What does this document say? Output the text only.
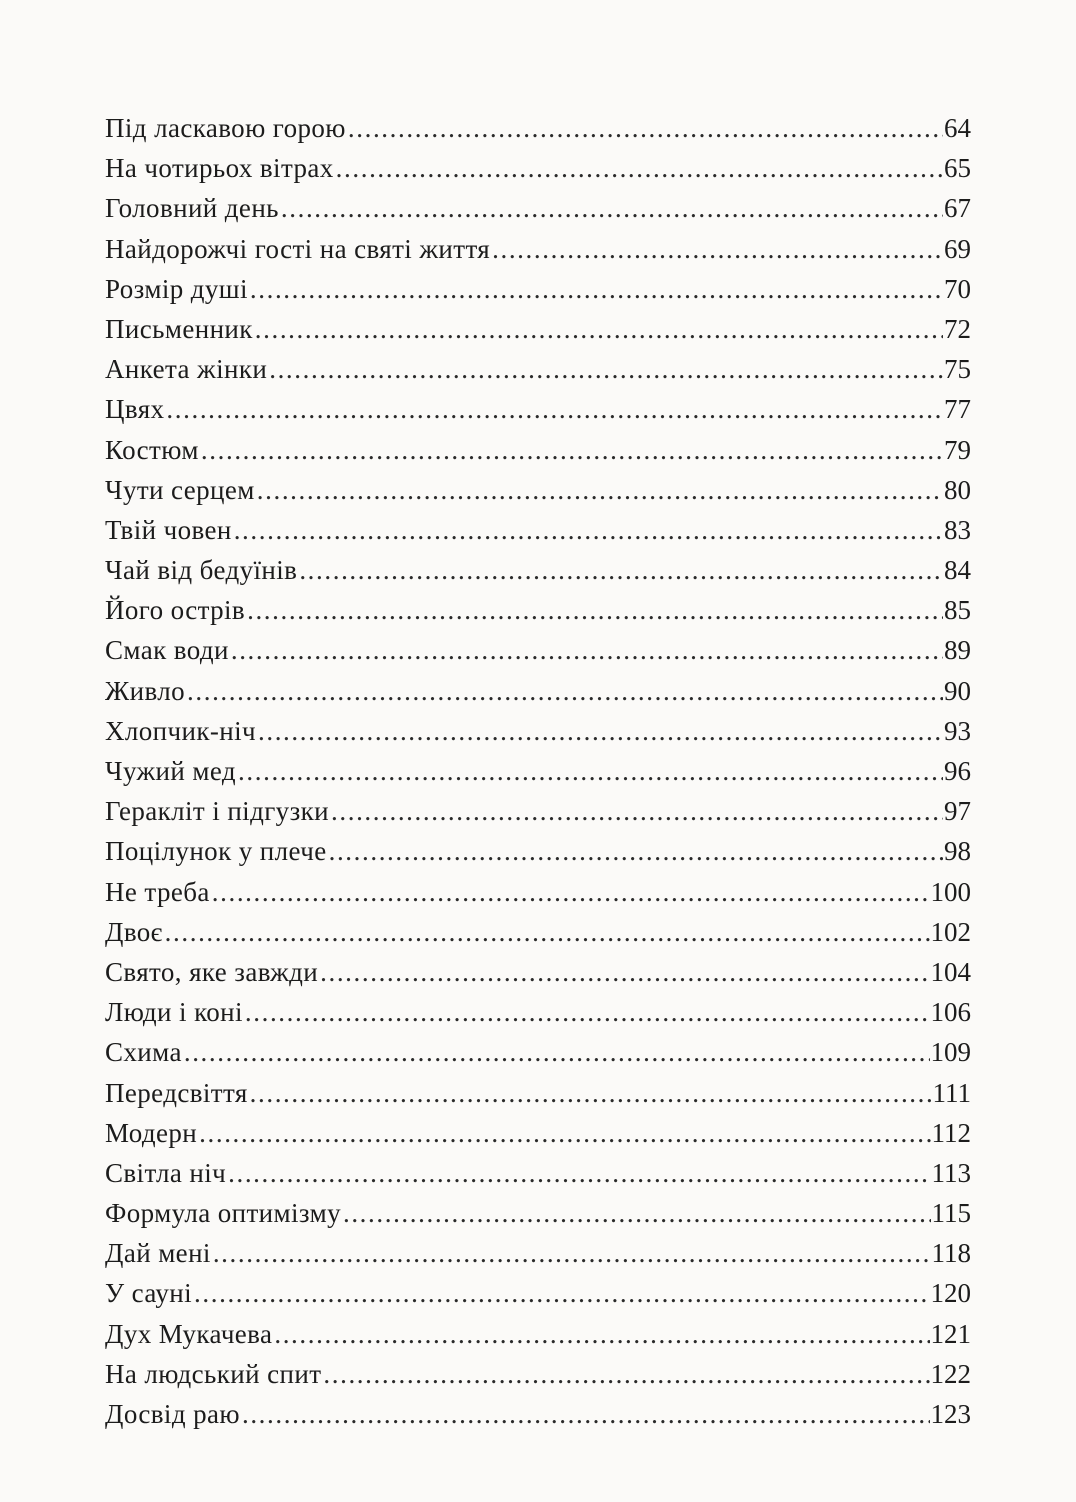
Під ласкавою горою .....	64
На чотирьох вітрах .....	65
Головний день .....	67
Найдорожчі гості на святі життя .....	69
Розмір душі .....	70
Письменник .....	72
Анкета жінки .....	75
Цвях .....	77
Костюм .....	79
Чути серцем .....	80
Твій човен .....	83
Чай від бедуїнів .....	84
Його острів .....	85
Смак води .....	89
Живло .....	90
Хлопчик-ніч .....	93
Чужий мед .....	96
Геракліт і підгузки .....	97
Поцілунок у плече .....	98
Не треба .....	100
Двоє .....	102
Свято, яке завжди .....	104
Люди і коні .....	106
Схима .....	109
Передсвіття .....	111
Модерн .....	112
Світла ніч .....	113
Формула оптимізму .....	115
Дай мені .....	118
У сауні .....	120
Дух Мукачева .....	121
На людський спит .....	122
Досвід раю .....	123
